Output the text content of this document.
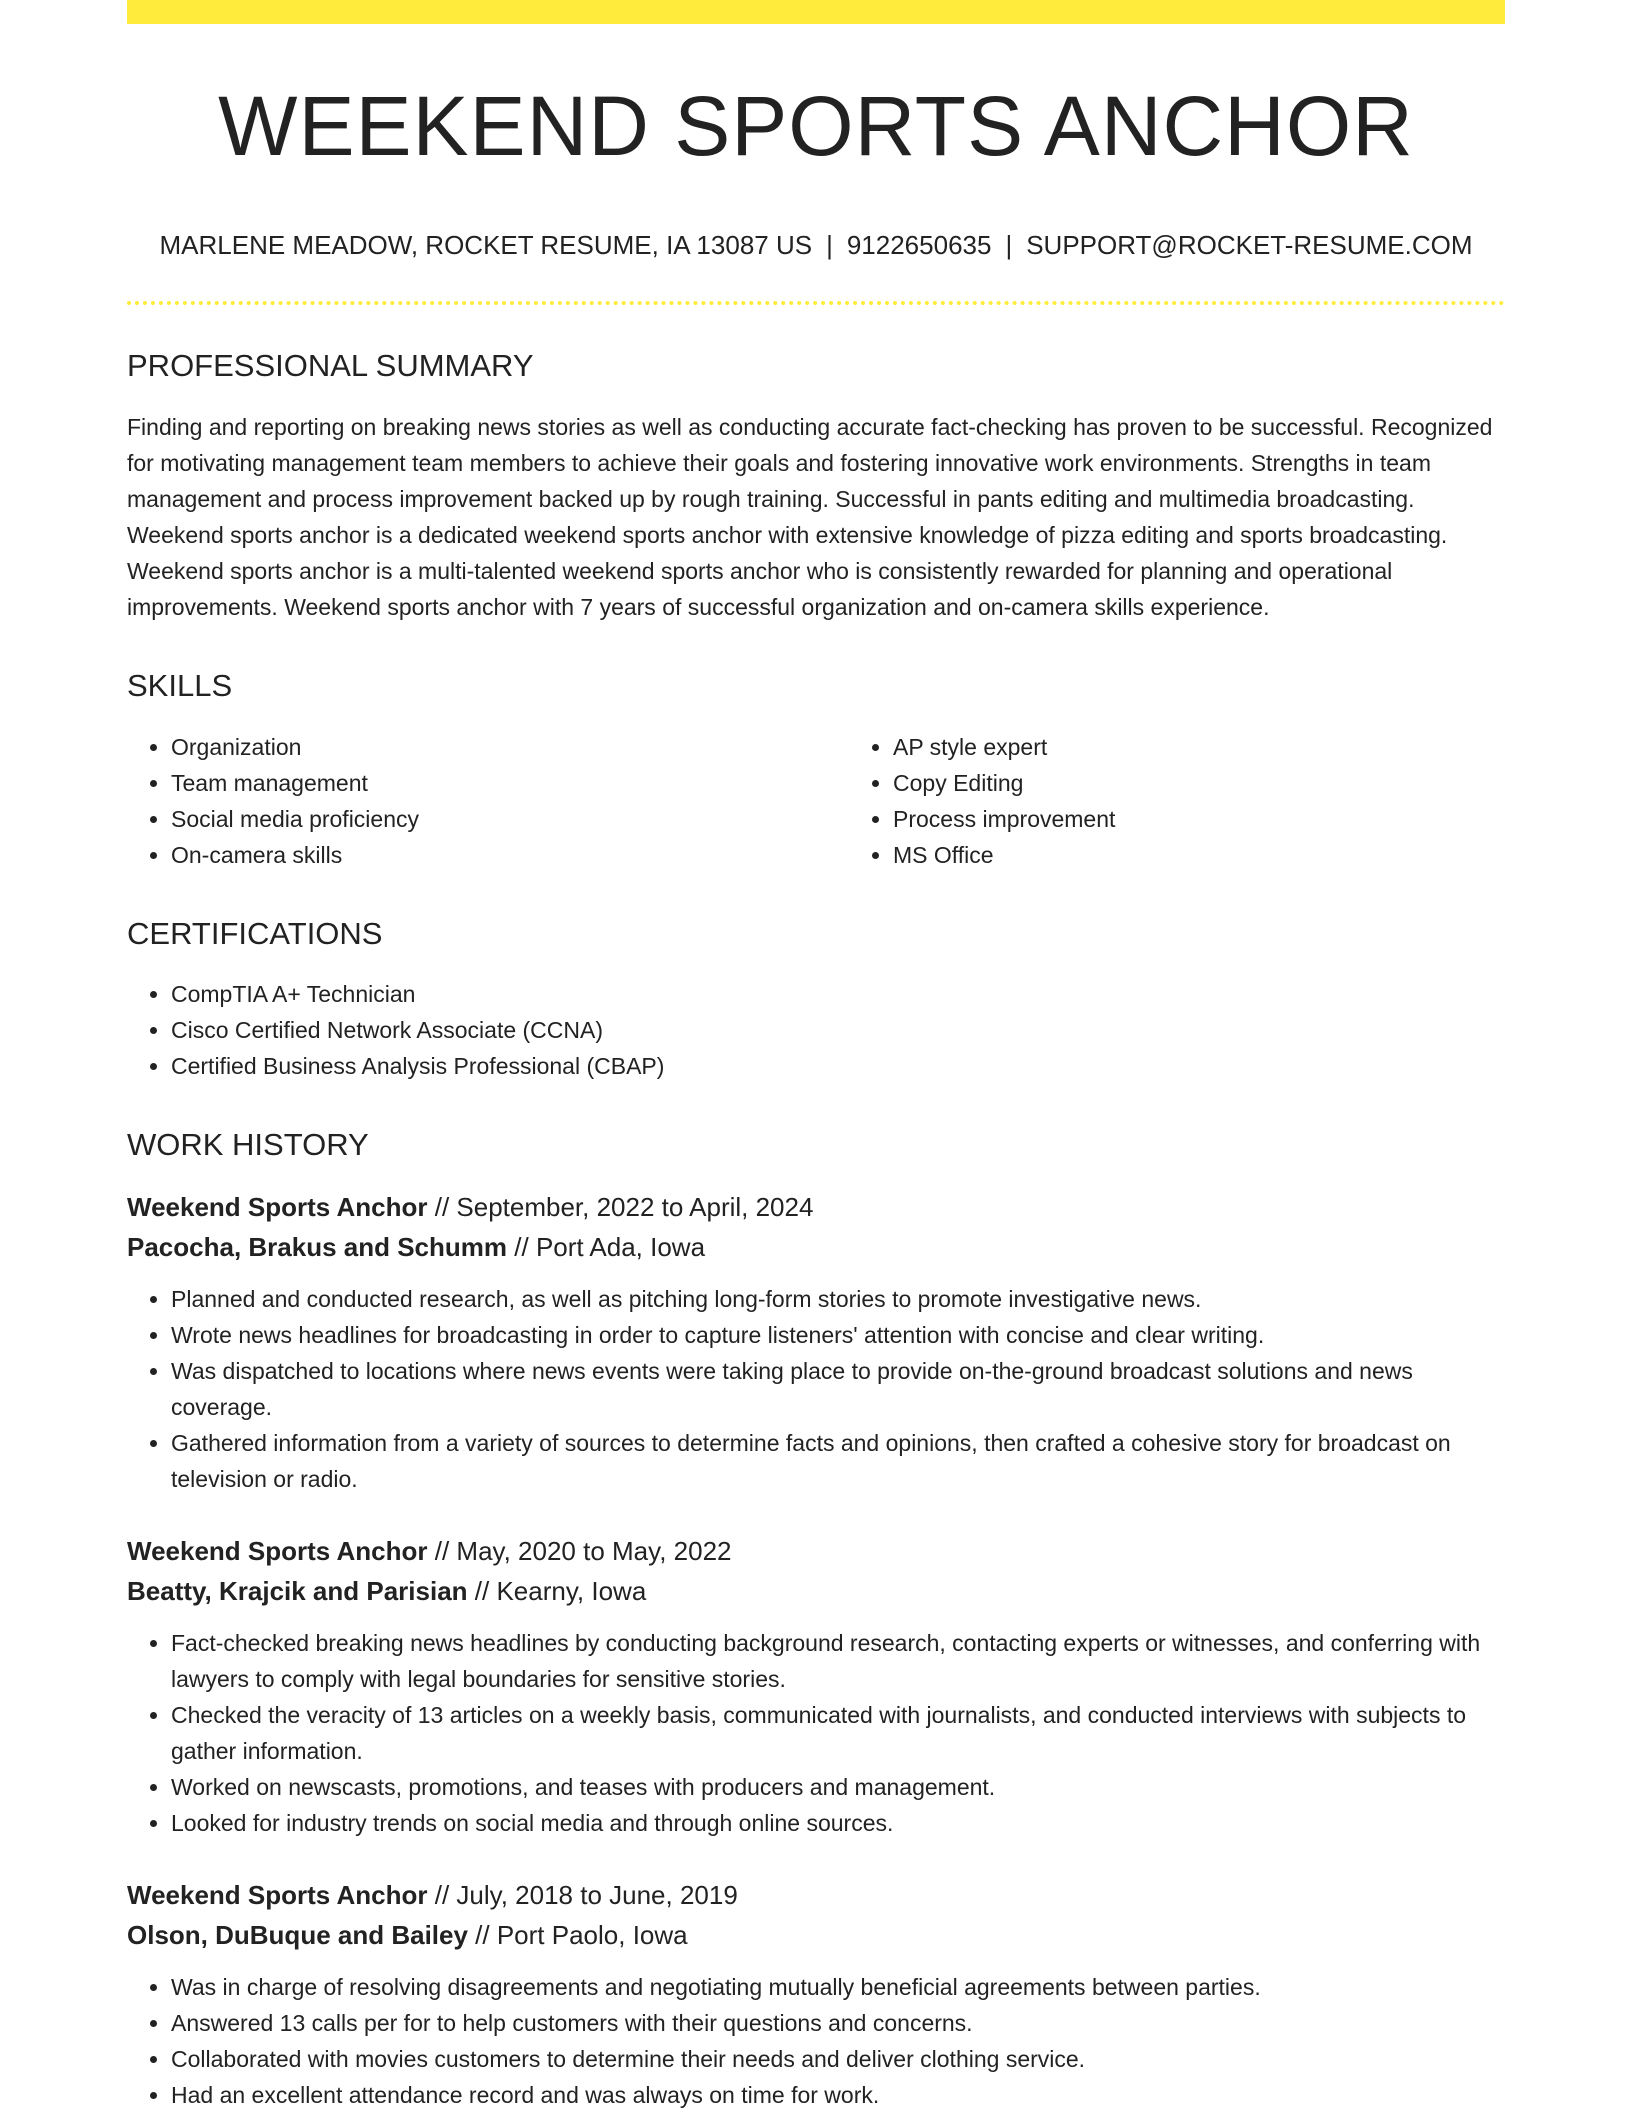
WEEKEND SPORTS ANCHOR
MARLENE MEADOW, ROCKET RESUME, IA 13087 US | 9122650635 | SUPPORT@ROCKET-RESUME.COM
PROFESSIONAL SUMMARY

Finding and reporting on breaking news stories as well as conducting accurate fact-checking has proven to be successful. Recognized for motivating management team members to achieve their goals and fostering innovative work environments. Strengths in team management and process improvement backed up by rough training. Successful in pants editing and multimedia broadcasting. Weekend sports anchor is a dedicated weekend sports anchor with extensive knowledge of pizza editing and sports broadcasting. Weekend sports anchor is a multi-talented weekend sports anchor who is consistently rewarded for planning and operational improvements. Weekend sports anchor with 7 years of successful organization and on-camera skills experience.

SKILLS
• Organization
• Team management
• Social media proficiency
• On-camera skills
• AP style expert
• Copy Editing
• Process improvement
• MS Office
CERTIFICATIONS
• CompTIA A+ Technician
• Cisco Certified Network Associate (CCNA)
• Certified Business Analysis Professional (CBAP)
WORK HISTORY
Weekend Sports Anchor // September, 2022 to April, 2024
Pacocha, Brakus and Schumm // Port Ada, Iowa
• Planned and conducted research, as well as pitching long-form stories to promote investigative news.
• Wrote news headlines for broadcasting in order to capture listeners' attention with concise and clear writing.
• Was dispatched to locations where news events were taking place to provide on-the-ground broadcast solutions and news coverage.
• Gathered information from a variety of sources to determine facts and opinions, then crafted a cohesive story for broadcast on television or radio.
Weekend Sports Anchor // May, 2020 to May, 2022
Beatty, Krajcik and Parisian // Kearny, Iowa
• Fact-checked breaking news headlines by conducting background research, contacting experts or witnesses, and conferring with lawyers to comply with legal boundaries for sensitive stories.
• Checked the veracity of 13 articles on a weekly basis, communicated with journalists, and conducted interviews with subjects to gather information.
• Worked on newscasts, promotions, and teases with producers and management.
• Looked for industry trends on social media and through online sources.
Weekend Sports Anchor // July, 2018 to June, 2019
Olson, DuBuque and Bailey // Port Paolo, Iowa
• Was in charge of resolving disagreements and negotiating mutually beneficial agreements between parties.
• Answered 13 calls per for to help customers with their questions and concerns.
• Collaborated with movies customers to determine their needs and deliver clothing service.
• Had an excellent attendance record and was always on time for work.
